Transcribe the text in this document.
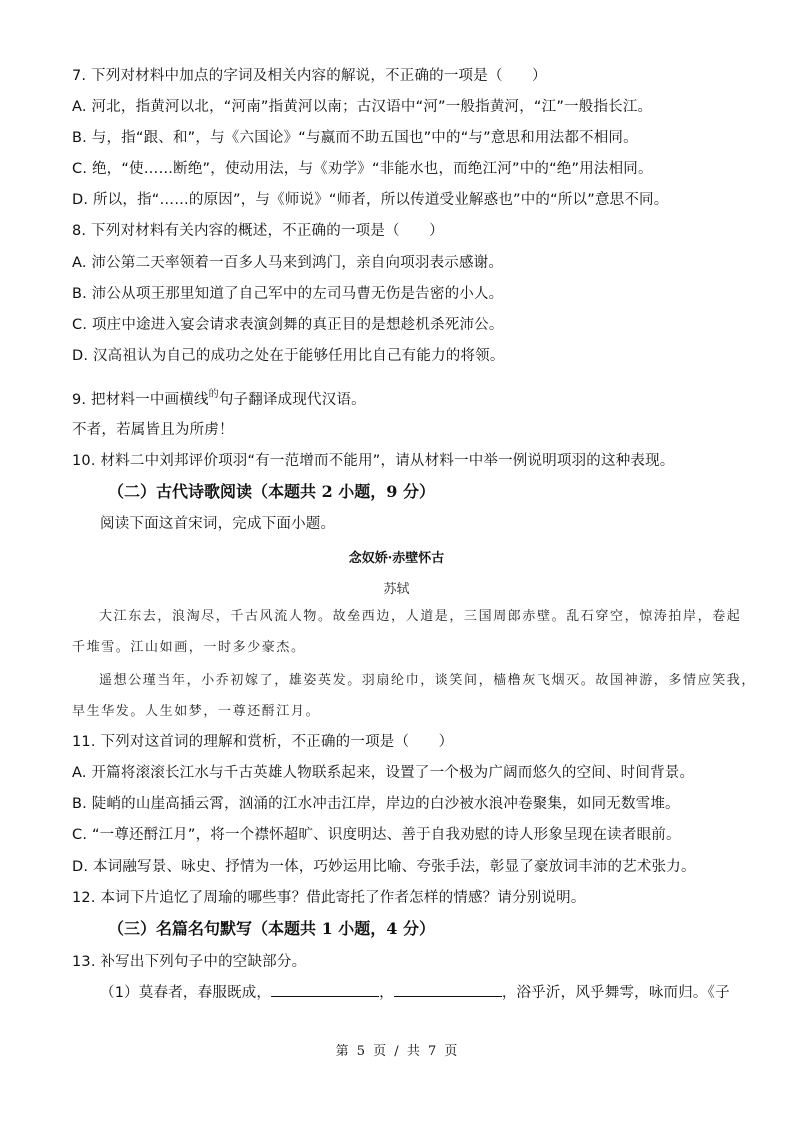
7. 下列对材料中加点的字词及相关内容的解说，不正确的一项是（　　）
A. 河北，指黄河以北，“河南”指黄河以南；古汉语中“河”一般指黄河，“江”一般指长江。
B. 与，指“跟、和”，与《六国论》“与嬴而不助五国也”中的“与”意思和用法都不相同。
C. 绝，“使……断绝”，使动用法，与《劝学》“非能水也，而绝江河”中的“绝”用法相同。
D. 所以，指“……的原因”，与《师说》“师者，所以传道受业解惑也”中的“所以”意思不同。
8. 下列对材料有关内容的概述，不正确的一项是（　　）
A. 沛公第二天率领着一百多人马来到鸿门，亲自向项羽表示感谢。
B. 沛公从项王那里知道了自己军中的左司马曹无伤是告密的小人。
C. 项庄中途进入宴会请求表演剑舞的真正目的是想趁机杀死沛公。
D. 汉高祖认为自己的成功之处在于能够任用比自己有能力的将领。
9. 把材料一中画横线$^的$句子翻译成现代汉语。
不者，若属皆且为所虏！
10. 材料二中刘邦评价项羽“有一范增而不能用”，请从材料一中举一例说明项羽的这种表现。
（二）古代诗歌阅读（本题共 2 小题，9 分）
阅读下面这首宋词，完成下面小题。
念奴娇·赤壁怀古
苏轼
大江东去，浪淘尽，千古风流人物。故垒西边，人道是，三国周郎赤壁。乱石穿空，惊涛拍岸，卷起
千堆雪。江山如画，一时多少豪杰。
遥想公瑾当年，小乔初嫁了，雄姿英发。羽扇纶巾，谈笑间，樯橹灰飞烟灭。故国神游，多情应笑我，
早生华发。人生如梦，一尊还酹江月。
11. 下列对这首词的理解和赏析，不正确的一项是（　　）
A. 开篇将滚滚长江水与千古英雄人物联系起来，设置了一个极为广阔而悠久的空间、时间背景。
B. 陡峭的山崖高插云霄，汹涌的江水冲击江岸，岸边的白沙被水浪冲卷聚集，如同无数雪堆。
C. “一尊还酹江月”，将一个襟怀超旷、识度明达、善于自我劝慰的诗人形象呈现在读者眼前。
D. 本词融写景、咏史、抒情为一体，巧妙运用比喻、夸张手法，彰显了豪放词丰沛的艺术张力。
12. 本词下片追忆了周瑜的哪些事？借此寄托了作者怎样的情感？请分别说明。
（三）名篇名句默写（本题共 1 小题，4 分）
13. 补写出下列句子中的空缺部分。
（1）莫春者，春服既成，	，	，浴乎沂，风乎舞雩，咏而归。《子
第 5 页 / 共 7 页
